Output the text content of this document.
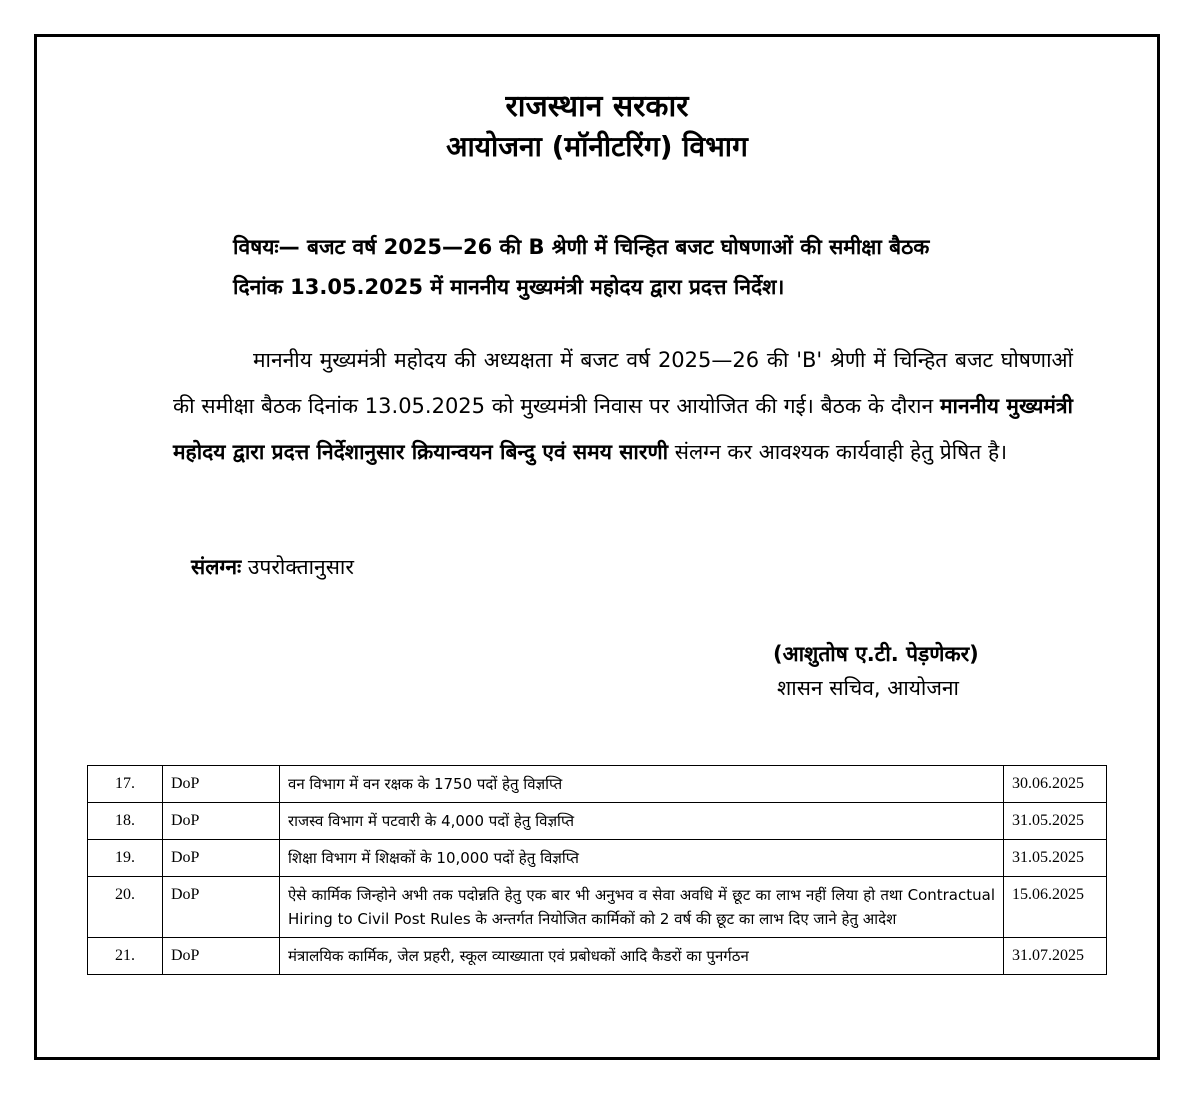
राजस्थान सरकार
आयोजना (मॉनीटरिंग) विभाग
विषयः— बजट वर्ष 2025—26 की B श्रेणी में चिन्हित बजट घोषणाओं की समीक्षा बैठक
दिनांक 13.05.2025 में माननीय मुख्यमंत्री महोदय द्वारा प्रदत्त निर्देश।
माननीय मुख्यमंत्री महोदय की अध्यक्षता में बजट वर्ष 2025—26 की 'B' श्रेणी में चिन्हित बजट घोषणाओं की समीक्षा बैठक दिनांक 13.05.2025 को मुख्यमंत्री निवास पर आयोजित की गई। बैठक के दौरान माननीय मुख्यमंत्री महोदय द्वारा प्रदत्त निर्देशानुसार क्रियान्वयन बिन्दु एवं समय सारणी संलग्न कर आवश्यक कार्यवाही हेतु प्रेषित है।
संलग्नः उपरोक्तानुसार
(आशुतोष ए.टी. पेड़णेकर)
शासन सचिव, आयोजना
17.	DoP	वन विभाग में वन रक्षक के 1750 पदों हेतु विज्ञप्ति	30.06.2025
18.	DoP	राजस्व विभाग में पटवारी के 4,000 पदों हेतु विज्ञप्ति	31.05.2025
19.	DoP	शिक्षा विभाग में शिक्षकों के 10,000 पदों हेतु विज्ञप्ति	31.05.2025
20.	DoP	ऐसे कार्मिक जिन्होने अभी तक पदोन्नति हेतु एक बार भी अनुभव व सेवा अवधि में छूट का लाभ नहीं लिया हो तथा Contractual Hiring to Civil Post Rules के अन्तर्गत नियोजित कार्मिकों को 2 वर्ष की छूट का लाभ दिए जाने हेतु आदेश	15.06.2025
21.	DoP	मंत्रालयिक कार्मिक, जेल प्रहरी, स्कूल व्याख्याता एवं प्रबोधकों आदि कैडरों का पुनर्गठन	31.07.2025
